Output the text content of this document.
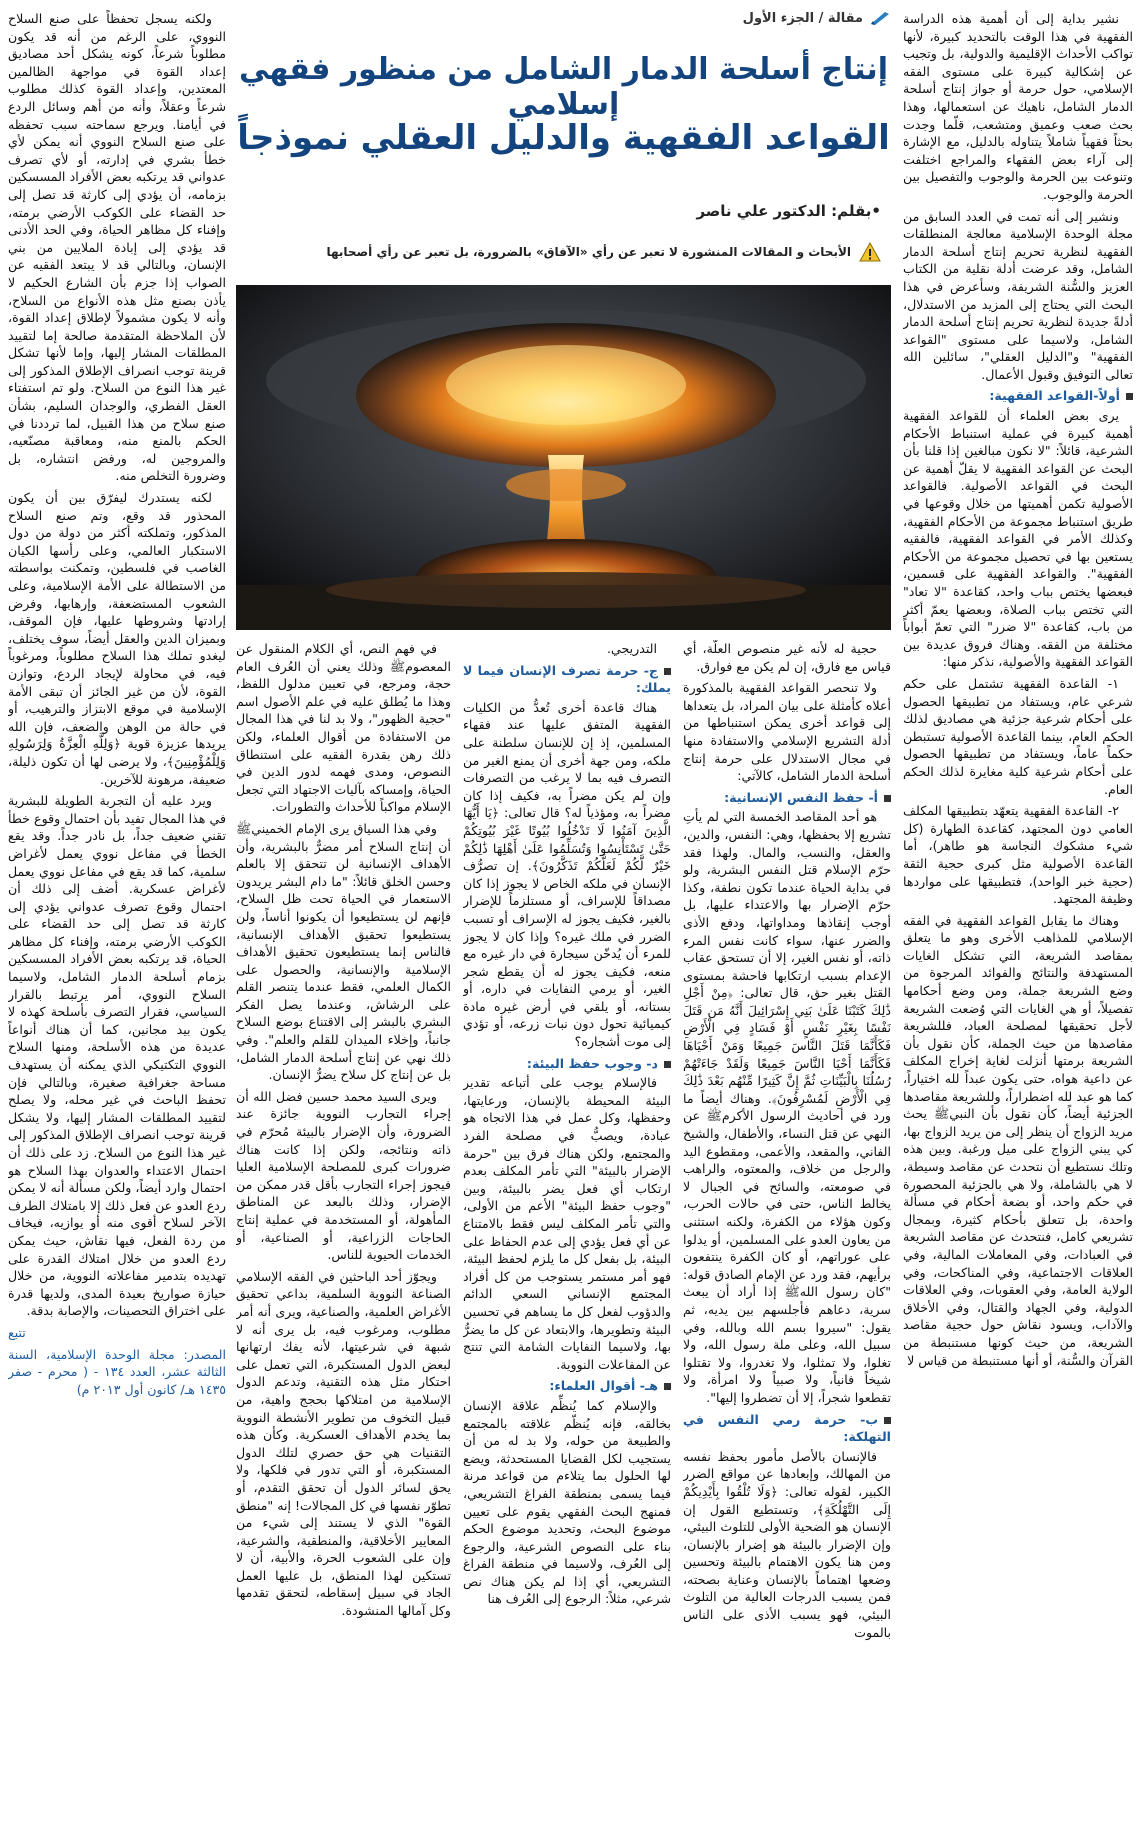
نشير بداية إلى أن أهمية هذه الدراسة الفقهية في هذا الوقت بالتحديد كبيرة، لأنها تواكب الأحداث الإقليمية والدولية، بل وتجيب عن إشكالية كبيرة على مستوى الفقه الإسلامي، حول حرمة أو جواز إنتاج أسلحة الدمار الشامل، ناهيك عن استعمالها، وهذا بحث صعب وعميق ومتشعب، قلّما وجدت بحثاً فقهياً شاملاً يتناوله بالدليل، مع الإشارة إلى آراء بعض الفقهاء والمراجع اختلفت وتنوعت بين الحرمة والوجوب والتفصيل بين الحرمة والوجوب.

ونشير إلى أنه تمت في العدد السابق من مجلة الوحدة الإسلامية معالجة المنطلقات الفقهية لنظرية تحريم إنتاج أسلحة الدمار الشامل، وقد عرضت أدلة نقلية من الكتاب العزيز والسُّنة الشريفة، وسأعرض في هذا البحث التي يحتاج إلى المزيد من الاستدلال، أدلةً جديدة لنظرية تحريم إنتاج أسلحة الدمار الشامل، ولاسيما على مستوى "القواعد الفقهية" و"الدليل العقلي"، سائلين الله تعالى التوفيق وقبول الأعمال.

أولاً-القواعد الفقهية:

يرى بعض العلماء أن للقواعد الفقهية أهمية كبيرة في عملية استنباط الأحكام الشرعية، قائلاً: "لا نكون مبالغين إذا قلنا بأن البحث عن القواعد الفقهية لا يقلّ أهمية عن البحث في القواعد الأصولية. فالقواعد الأصولية تكمن أهميتها من خلال وقوعها في طريق استنباط مجموعة من الأحكام الفقهية، وكذلك الأمر في القواعد الفقهية، فالفقيه يستعين بها في تحصيل مجموعة من الأحكام الفقهية". والقواعد الفقهية على قسمين، فبعضها يختص بباب واحد، كقاعدة "لا تعاد" التي تختص بباب الصلاة، وبعضها يعمّ أكثر من باب، كقاعدة "لا ضرر" التي تعمّ أبواباً مختلفة من الفقه. وهناك فروق عديدة بين القواعد الفقهية والأصولية، نذكر منها:

١- القاعدة الفقهية تشتمل على حكم شرعي عام، ويستفاد من تطبيقها الحصول على أحكام شرعية جزئية هي مصاديق لذلك الحكم العام، بينما القاعدة الأصولية تستبطن حكماً عاماً، ويستفاد من تطبيقها الحصول على أحكام شرعية كلية مغايرة لذلك الحكم العام.

٢- القاعدة الفقهية يتعهّد بتطبيقها المكلف العامي دون المجتهد، كقاعدة الطهارة (كل شيء مشكوك النجاسة هو طاهر)، أما القاعدة الأصولية مثل كبرى حجية الثقة (حجية خبر الواحد)، فتطبيقها على مواردها وظيفة المجتهد.

وهناك ما يقابل القواعد الفقهية في الفقه الإسلامي للمذاهب الأخرى وهو ما يتعلق بمقاصد الشريعة، التي تشكل الغايات المستهدفة والنتائج والفوائد المرجوة من وضع الشريعة جملة، ومن وضع أحكامها تفصيلاً، أو هي الغايات التي وُضعت الشريعة لأجل تحقيقها لمصلحة العباد، فللشريعة مقاصدها من حيث الجملة، كأن نقول بأن الشريعة برمتها أنزلت لغاية إخراج المكلف عن داعية هواه، حتى يكون عبداً لله اختياراً، كما هو عبد لله اضطراراً، وللشريعة مقاصدها الجزئية أيضاً، كأن نقول بأن النبيﷺ يحث مريد الزواج أن ينظر إلى من يريد الزواج بها، كي يبني الزواج على ميل ورغبة. وبين هذه وتلك نستطيع أن نتحدث عن مقاصد وسيطة، لا هي بالشاملة، ولا هي بالجزئية المحصورة في حكم واحد، أو بضعة أحكام في مسألة واحدة، بل تتعلق بأحكام كثيرة، وبمجال تشريعي كامل، فنتحدث عن مقاصد الشريعة في العبادات، وفي المعاملات المالية، وفي العلاقات الاجتماعية، وفي المناكحات، وفي الولاية العامة، وفي العقوبات، وفي العلاقات الدولية، وفي الجهاد والقتال، وفي الأخلاق والآداب، ويسود نقاش حول حجية مقاصد الشريعة، من حيث كونها مستنبطة من القرآن والسُّنة، أو أنها مستنبطة من قياس لا

مقالة / الجزء الأول
إنتاج أسلحة الدمار الشامل من منظور فقهي إسلامي
القواعد الفقهية والدليل العقلي نموذجاً
•بقلم: الدكتور علي ناصر
الأبحاث و المقالات المنشورة لا تعبر عن رأي «الآفاق» بالضرورة، بل تعبر عن رأي أصحابها

حجية له لأنه غير منصوص العلّة، أي قياس مع فارق، إن لم يكن مع فوارق.

ولا تنحصر القواعد الفقهية بالمذكورة أعلاه كأمثلة على بيان المراد، بل يتعداها إلى قواعد أخرى يمكن استنباطها من أدلة التشريع الإسلامي والاستفادة منها في مجال الاستدلال على حرمة إنتاج أسلحة الدمار الشامل، كالآتي:

أ- حفظ النفس الإنسانية:

هو أحد المقاصد الخمسة التي لم يأتِ تشريع إلا بحفظها، وهي: النفس، والدين، والعقل، والنسب، والمال. ولهذا فقد حرّم الإسلام قتل النفس البشرية، ولو في بداية الحياة عندما تكون نطفة، وكذا حرّم الإضرار بها والاعتداء عليها، بل أوجب إنقاذها ومداواتها، ودفع الأذى والضرر عنها، سواء كانت نفس المرء ذاته، أو نفس الغير، إلا أن تستحق عقاب الإعدام بسبب ارتكابها فاحشة بمستوى القتل بغير حق، قال تعالى: ﴿مِنْ أَجْلِ ذَٰلِكَ كَتَبْنَا عَلَىٰ بَنِي إِسْرَائِيلَ أَنَّهُ مَن قَتَلَ نَفْسًا بِغَيْرِ نَفْسٍ أَوْ فَسَادٍ فِي الْأَرْضِ فَكَأَنَّمَا قَتَلَ النَّاسَ جَمِيعًا وَمَنْ أَحْيَاهَا فَكَأَنَّمَا أَحْيَا النَّاسَ جَمِيعًا وَلَقَدْ جَاءَتْهُمْ رُسُلُنَا بِالْبَيِّنَاتِ ثُمَّ إِنَّ كَثِيرًا مِّنْهُم بَعْدَ ذَٰلِكَ فِي الْأَرْضِ لَمُسْرِفُونَ﴾. وهناك أيضاً ما ورد في أحاديث الرسول الأكرمﷺ عن النهي عن قتل النساء، والأطفال، والشيخ الفاني، والمقعد، والأعمى، ومقطوع اليد والرجل من خلاف، والمعتوه، والراهب في صومعته، والسائح في الجبال لا يخالط الناس، حتى في حالات الحرب، وكون هؤلاء من الكفرة، ولكنه استثنى من يعاون العدو على المسلمين، أو يدلوا على عوراتهم، أو كان الكفرة ينتفعون برأيهم، فقد ورد عن الإمام الصادق قوله: "كان رسول اللهﷺ إذا أراد أن يبعث سرية، دعاهم فأجلسهم بين يديه، ثم يقول: "سيروا بسم الله وبالله، وفي سبيل الله، وعلى ملة رسول الله، ولا تغلوا، ولا تمثلوا، ولا تغدروا، ولا تقتلوا شيخاً فانياً، ولا صبياً ولا امرأة، ولا تقطعوا شجراً، إلا أن تضطروا إليها".

ب- حرمة رمي النفس في التهلكة:

فالإنسان بالأصل مأمور بحفظ نفسه من المهالك، وإبعادها عن مواقع الضرر الكبير، لقوله تعالى: ﴿وَلَا تُلْقُوا بِأَيْدِيكُمْ إِلَى التَّهْلُكَةِ﴾، وتستطيع القول إن الإنسان هو الضحية الأولى للتلوث البيئي، وإن الإضرار بالبيئة هو إضرار بالإنسان، ومن هنا يكون الاهتمام بالبيئة وتحسين وضعها اهتماماً بالإنسان وعناية بصحته، فمن يسبب الدرجات العالية من التلوث البيئي، فهو يسبب الأذى على الناس بالموت

التدريجي.

ج- حرمة تصرف الإنسان فيما لا يملك:

هناك قاعدة أخرى تُعدُّ من الكليات الفقهية المتفق عليها عند فقهاء المسلمين، إذ إن للإنسان سلطنة على ملكه، ومن جهة أخرى أن يمنع الغير من التصرف فيه بما لا يرغب من التصرفات وإن لم يكن مضراً به، فكيف إذا كان مضراً به، ومؤذياً له؟ قال تعالى: ﴿يَا أَيُّهَا الَّذِينَ آمَنُوا لَا تَدْخُلُوا بُيُوتًا غَيْرَ بُيُوتِكُمْ حَتَّىٰ تَسْتَأْنِسُوا وَتُسَلِّمُوا عَلَىٰ أَهْلِهَا ذَٰلِكُمْ خَيْرٌ لَّكُمْ لَعَلَّكُمْ تَذَكَّرُونَ﴾. إن تصرُّف الإنسان في ملكه الخاص لا يجوز إذا كان مصداقاً للإسراف، أو مستلزماً للإضرار بالغير، فكيف يجوز له الإسراف أو تسبب الضرر في ملك غيره؟ وإذا كان لا يجوز للمرء أن يُدخّن سيجارة في دار غيره مع منعه، فكيف يجوز له أن يقطع شجر الغير، أو يرمي النفايات في داره، أو بستانه، أو يلقي في أرض غيره مادة كيميائية تحول دون نبات زرعه، أو تؤدي إلى موت أشجاره؟

د- وجوب حفظ البيئة:

فالإسلام يوجب على أتباعه تقدير البيئة المحيطة بالإنسان، ورعايتها، وحفظها، وكل عمل في هذا الاتجاه هو عبادة، ويصبُّ في مصلحة الفرد والمجتمع، ولكن هناك فرق بين "حرمة الإضرار بالبيئة" التي تأمر المكلف بعدم ارتكاب أي فعل يضر بالبيئة، وبين "وجوب حفظ البيئة" الأعم من الأولى، والتي تأمر المكلف ليس فقط بالامتناع عن أي فعل يؤدي إلى عدم الحفاظ على البيئة، بل بفعل كل ما يلزم لحفظ البيئة، فهو أمر مستمر يستوجب من كل أفراد المجتمع الإنساني السعي الدائم والدؤوب لفعل كل ما يساهم في تحسين البيئة وتطويرها، والابتعاد عن كل ما يضرُّ بها، ولاسيما النفايات الشامة التي تنتج عن المفاعلات النووية.

هـ- أقوال العلماء:

والإسلام كما يُنظِّم علاقة الإنسان بخالقه، فإنه يُنظّم علاقته بالمجتمع والطبيعة من حوله، ولا بد له من أن يستجيب لكل القضايا المستحدثة، ويضع لها الحلول بما يتلاءم من قواعد مرنة فيما يسمى بمنطقة الفراغ التشريعي، فمنهج البحث الفقهي يقوم على تعيين موضوع البحث، وتحديد موضوع الحكم بناء على النصوص الشرعية، والرجوع إلى العُرف، ولاسيما في منطقة الفراغ التشريعي، أي إذا لم يكن هناك نص شرعي، مثلاً: الرجوع إلى العُرف هنا

في فهم النص، أي الكلام المنقول عن المعصومﷺ وذلك يعني أن العُرف العام حجة، ومرجع، في تعيين مدلول اللفظ، وهذا ما يُطلق عليه في علم الأصول اسم "حجية الظهور"، ولا بد لنا في هذا المجال من الاستفادة من أقوال العلماء، ولكن ذلك رهن بقدرة الفقيه على استنطاق النصوص، ومدى فهمه لدور الدين في الحياة، وإمساكه بآليات الاجتهاد التي تجعل الإسلام مواكباً للأحداث والتطورات.

وفي هذا السياق يرى الإمام الخمينيﷺ أن إنتاج السلاح أمر مضرٌّ بالبشرية، وأن الأهداف الإنسانية لن تتحقق إلا بالعلم وحسن الخلق قائلاً: "ما دام البشر يريدون الاستعمار في الحياة تحت ظل السلاح، فإنهم لن يستطيعوا أن يكونوا أناساً، ولن يستطيعوا تحقيق الأهداف الإنسانية، فالناس إنما يستطيعون تحقيق الأهداف الإسلامية والإنسانية، والحصول على الكمال العلمي، فقط عندما يتنصر القلم على الرشاش، وعندما يصل الفكر البشري بالبشر إلى الاقتناع بوضع السلاح جانباً، وإخلاء الميدان للقلم والعلم". وفي ذلك نهي عن إنتاج أسلحة الدمار الشامل، بل عن إنتاج كل سلاح يضرُّ الإنسان.

ويرى السيد محمد حسين فضل الله أن إجراء التجارب النووية جائزة عند الضرورة، وأن الإضرار بالبيئة مُحرّم في ذاته ونتائجه، ولكن إذا كانت هناك ضرورات كبرى للمصلحة الإسلامية العليا فيجوز إجراء التجارب بأقل قدر ممكن من الإضرار، وذلك بالبعد عن المناطق المأهولة، أو المستخدمة في عملية إنتاج الحاجات الزراعية، أو الصناعية، أو الخدمات الحيوية للناس.

ويجوّز أحد الباحثين في الفقه الإسلامي الصناعة النووية السلمية، بداعي تحقيق الأغراض العلمية، والصناعية، ويرى أنه أمر مطلوب، ومرغوب فيه، بل يرى أنه لا شبهة في شرعيتها، لأنه يفك ارتهانها لبعض الدول المستكبرة، التي تعمل على احتكار مثل هذه التقنية، وتدعم الدول الإسلامية من امتلاكها بحجج واهية، من قبيل التخوف من تطوير الأنشطة النووية بما يخدم الأهداف العسكرية. وكأن هذه التقنيات هي حق حصري لتلك الدول المستكبرة، أو التي تدور في فلكها، ولا يحق لسائر الدول أن تحقق التقدم، أو تطوّر نفسها في كل المجالات! إنه "منطق القوة" الذي لا يستند إلى شيء من المعايير الأخلاقية، والمنطقية، والشرعية، وإن على الشعوب الحرة، والأبية، أن لا تستكين لهذا المنطق، بل عليها العمل الجاد في سبيل إسقاطه، لتحقق تقدمها وكل آمالها المنشودة.

ولكنه يسجل تحفظاً على صنع السلاح النووي، على الرغم من أنه قد يكون مطلوباً شرعاً، كونه يشكل أحد مصاديق إعداد القوة في مواجهة الظالمين المعتدين، وإعداد القوة كذلك مطلوب شرعاً وعقلاً، وأنه من أهم وسائل الردع في أيامنا. ويرجع سماحته سبب تحفظه على صنع السلاح النووي أنه يمكن لأي خطأ بشري في إدارته، أو لأي تصرف عدواني قد يرتكبه بعض الأفراد المسسكين بزمامه، أن يؤدي إلى كارثة قد تصل إلى حد القضاء على الكوكب الأرضي برمته، وإفناء كل مظاهر الحياة، وفي الحد الأدنى قد يؤدي إلى إبادة الملايين من بني الإنسان، وبالتالي قد لا يبتعد الفقيه عن الصواب إذا جزم بأن الشارع الحكيم لا يأذن بصنع مثل هذه الأنواع من السلاح، وأنه لا يكون مشمولاً لإطلاق إعداد القوة، لأن الملاحظة المتقدمة صالحة إما لتقييد المطلقات المشار إليها، وإما لأنها تشكل قرينة توجب انصراف الإطلاق المذكور إلى غير هذا النوع من السلاح. ولو تم استفتاء العقل الفطري، والوجدان السليم، بشأن صنع سلاح من هذا القبيل، لما ترددنا في الحكم بالمنع منه، ومعاقبة مصنّعيه، والمروجين له، ورفض انتشاره، بل وضرورة التخلص منه.

لكنه يستدرك ليفرّق بين أن يكون المحذور قد وقع، وتم صنع السلاح المذكور، وتملكته أكثر من دولة من دول الاستكبار العالمي، وعلى رأسها الكيان الغاصب في فلسطين، وتمكنت بواسطته من الاستطالة على الأمة الإسلامية، وعلى الشعوب المستضعفة، وإرهابها، وفرض إرادتها وشروطها عليها، فإن الموقف، وبميزان الدين والعقل أيضاً، سوف يختلف، ليغدو تملك هذا السلاح مطلوباً، ومرغوباً فيه، في محاولة لإيجاد الردع، وتوازن القوة، لأن من غير الجائز أن تبقى الأمة الإسلامية في موقع الابتزاز والترهيب، أو في حالة من الوهن والضعف، فإن الله يريدها عزيزة قوية ﴿وَلِلَّهِ الْعِزَّةُ وَلِرَسُولِهِ وَلِلْمُؤْمِنِينَ﴾، ولا يرضى لها أن تكون ذليلة، ضعيفة، مرهونة للآخرين.

ويرد عليه أن التجربة الطويلة للبشرية في هذا المجال تفيد بأن احتمال وقوع خطأ تقني ضعيف جداً، بل نادر جداً. وقد يقع الخطأ في مفاعل نووي يعمل لأغراض سلمية، كما قد يقع في مفاعل نووي يعمل لأغراض عسكرية. أضف إلى ذلك أن احتمال وقوع تصرف عدواني يؤدي إلى كارثة قد تصل إلى حد القضاء على الكوكب الأرضي برمته، وإفناء كل مظاهر الحياة، قد يرتكبه بعض الأفراد المسسكين بزمام أسلحة الدمار الشامل، ولاسيما السلاح النووي، أمر يرتبط بالقرار السياسي، فقرار التصرف بأسلحة كهذه لا يكون بيد مجانين، كما أن هناك أنواعاً عديدة من هذه الأسلحة، ومنها السلاح النووي التكتيكي الذي يمكنه أن يستهدف مساحة جغرافية صغيرة، وبالتالي فإن تحفظ الباحث في غير محله، ولا يصلح لتقييد المطلقات المشار إليها، ولا يشكل قرينة توجب انصراف الإطلاق المذكور إلى غير هذا النوع من السلاح. زد على ذلك أن احتمال الاعتداء والعدوان بهذا السلاح هو احتمال وارد أيضاً، ولكن مسألة أنه لا يمكن ردع العدو عن فعل ذلك إلا بامتلاك الطرف الآخر لسلاح أقوى منه أو يوازيه، فيخاف من ردة الفعل، فيها نقاش، حيث يمكن ردع العدو من خلال امتلاك القدرة على تهديده بتدمير مفاعلاته النووية، من خلال حيازة صواريخ بعيدة المدى، ولديها قدرة على اختراق التحصينات، والإصابة بدقة.

تتبع

المصدر: مجلة الوحدة الإسلامية، السنة الثالثة عشر، العدد ١٣٤ - ( محرم - صفر ١٤٣٥ هـ/ كانون أول ٢٠١٣ م)
